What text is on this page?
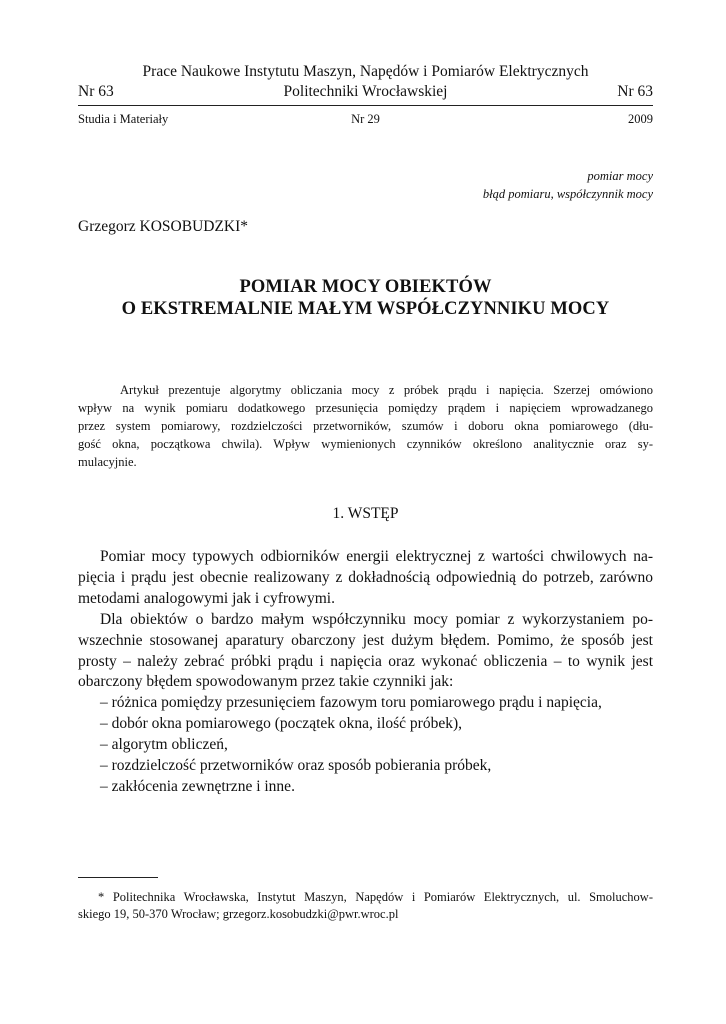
Prace Naukowe Instytutu Maszyn, Napędów i Pomiarów Elektrycznych
Nr 63	Politechniki Wrocławskiej	Nr 63
Studia i Materiały	Nr 29	2009
pomiar mocy
błąd pomiaru, współczynnik mocy
Grzegorz KOSOBUDZKI*
POMIAR MOCY OBIEKTÓW
O EKSTREMALNIE MAŁYM WSPÓŁCZYNNIKU MOCY
Artykuł prezentuje algorytmy obliczania mocy z próbek prądu i napięcia. Szerzej omówiono
wpływ na wynik pomiaru dodatkowego przesunięcia pomiędzy prądem i napięciem wprowadzanego
przez system pomiarowy, rozdzielczości przetworników, szumów i doboru okna pomiarowego (dłu-
gość okna, początkowa chwila). Wpływ wymienionych czynników określono analitycznie oraz sy-
mulacyjnie.
1. WSTĘP
Pomiar mocy typowych odbiorników energii elektrycznej z wartości chwilowych na-
pięcia i prądu jest obecnie realizowany z dokładnością odpowiednią do potrzeb, zarówno
metodami analogowymi jak i cyfrowymi.
Dla obiektów o bardzo małym współczynniku mocy pomiar z wykorzystaniem po-
wszechnie stosowanej aparatury obarczony jest dużym błędem. Pomimo, że sposób jest
prosty – należy zebrać próbki prądu i napięcia oraz wykonać obliczenia – to wynik jest
obarczony błędem spowodowanym przez takie czynniki jak:
– różnica pomiędzy przesunięciem fazowym toru pomiarowego prądu i napięcia,
– dobór okna pomiarowego (początek okna, ilość próbek),
– algorytm obliczeń,
– rozdzielczość przetworników oraz sposób pobierania próbek,
– zakłócenia zewnętrzne i inne.
* Politechnika Wrocławska, Instytut Maszyn, Napędów i Pomiarów Elektrycznych, ul. Smoluchow-
skiego 19, 50-370 Wrocław; grzegorz.kosobudzki@pwr.wroc.pl
